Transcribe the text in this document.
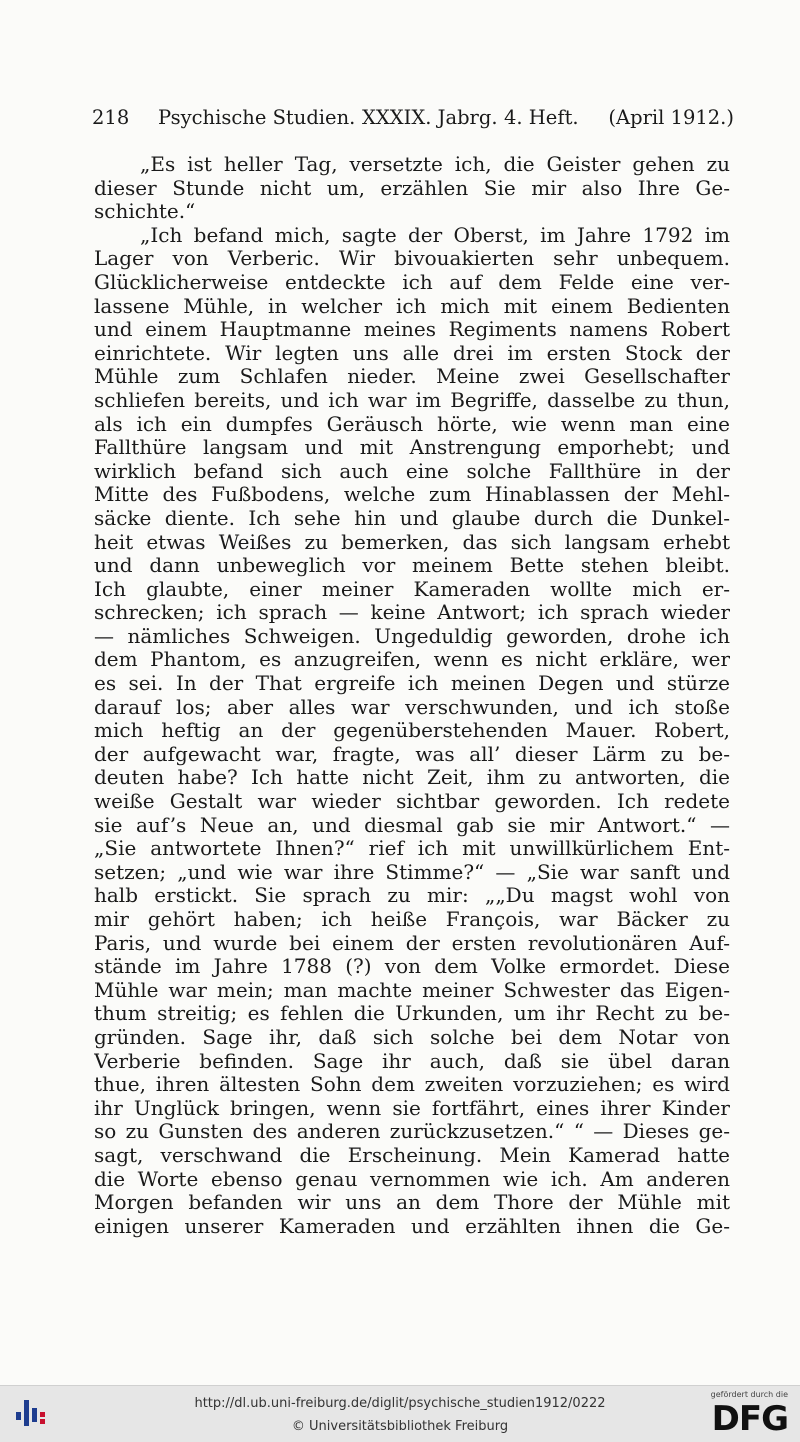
218 Psychische Studien. XXXIX. Jabrg. 4. Heft. (April 1912.)
„Es ist heller Tag, versetzte ich, die Geister gehen zu
dieser Stunde nicht um, erzählen Sie mir also Ihre Ge-
schichte.“
„Ich befand mich, sagte der Oberst, im Jahre 1792 im
Lager von Verberic. Wir bivouakierten sehr unbequem.
Glücklicherweise entdeckte ich auf dem Felde eine ver-
lassene Mühle, in welcher ich mich mit einem Bedienten
und einem Hauptmanne meines Regiments namens Robert
einrichtete. Wir legten uns alle drei im ersten Stock der
Mühle zum Schlafen nieder. Meine zwei Gesellschafter
schliefen bereits, und ich war im Begriffe, dasselbe zu thun,
als ich ein dumpfes Geräusch hörte, wie wenn man eine
Fallthüre langsam und mit Anstrengung emporhebt; und
wirklich befand sich auch eine solche Fallthüre in der
Mitte des Fußbodens, welche zum Hinablassen der Mehl-
säcke diente. Ich sehe hin und glaube durch die Dunkel-
heit etwas Weißes zu bemerken, das sich langsam erhebt
und dann unbeweglich vor meinem Bette stehen bleibt.
Ich glaubte, einer meiner Kameraden wollte mich er-
schrecken; ich sprach — keine Antwort; ich sprach wieder
— nämliches Schweigen. Ungeduldig geworden, drohe ich
dem Phantom, es anzugreifen, wenn es nicht erkläre, wer
es sei. In der That ergreife ich meinen Degen und stürze
darauf los; aber alles war verschwunden, und ich stoße
mich heftig an der gegenüberstehenden Mauer. Robert,
der aufgewacht war, fragte, was all’ dieser Lärm zu be-
deuten habe? Ich hatte nicht Zeit, ihm zu antworten, die
weiße Gestalt war wieder sichtbar geworden. Ich redete
sie auf’s Neue an, und diesmal gab sie mir Antwort.“ —
„Sie antwortete Ihnen?“ rief ich mit unwillkürlichem Ent-
setzen; „und wie war ihre Stimme?“ — „Sie war sanft und
halb erstickt. Sie sprach zu mir: „„Du magst wohl von
mir gehört haben; ich heiße François, war Bäcker zu
Paris, und wurde bei einem der ersten revolutionären Auf-
stände im Jahre 1788 (?) von dem Volke ermordet. Diese
Mühle war mein; man machte meiner Schwester das Eigen-
thum streitig; es fehlen die Urkunden, um ihr Recht zu be-
gründen. Sage ihr, daß sich solche bei dem Notar von
Verberie befinden. Sage ihr auch, daß sie übel daran
thue, ihren ältesten Sohn dem zweiten vorzuziehen; es wird
ihr Unglück bringen, wenn sie fortfährt, eines ihrer Kinder
so zu Gunsten des anderen zurückzusetzen.“ “ — Dieses ge-
sagt, verschwand die Erscheinung. Mein Kamerad hatte
die Worte ebenso genau vernommen wie ich. Am anderen
Morgen befanden wir uns an dem Thore der Mühle mit
einigen unserer Kameraden und erzählten ihnen die Ge-
http://dl.ub.uni-freiburg.de/diglit/psychische_studien1912/0222
© Universitätsbibliothek Freiburg
gefördert durch die
DFG
